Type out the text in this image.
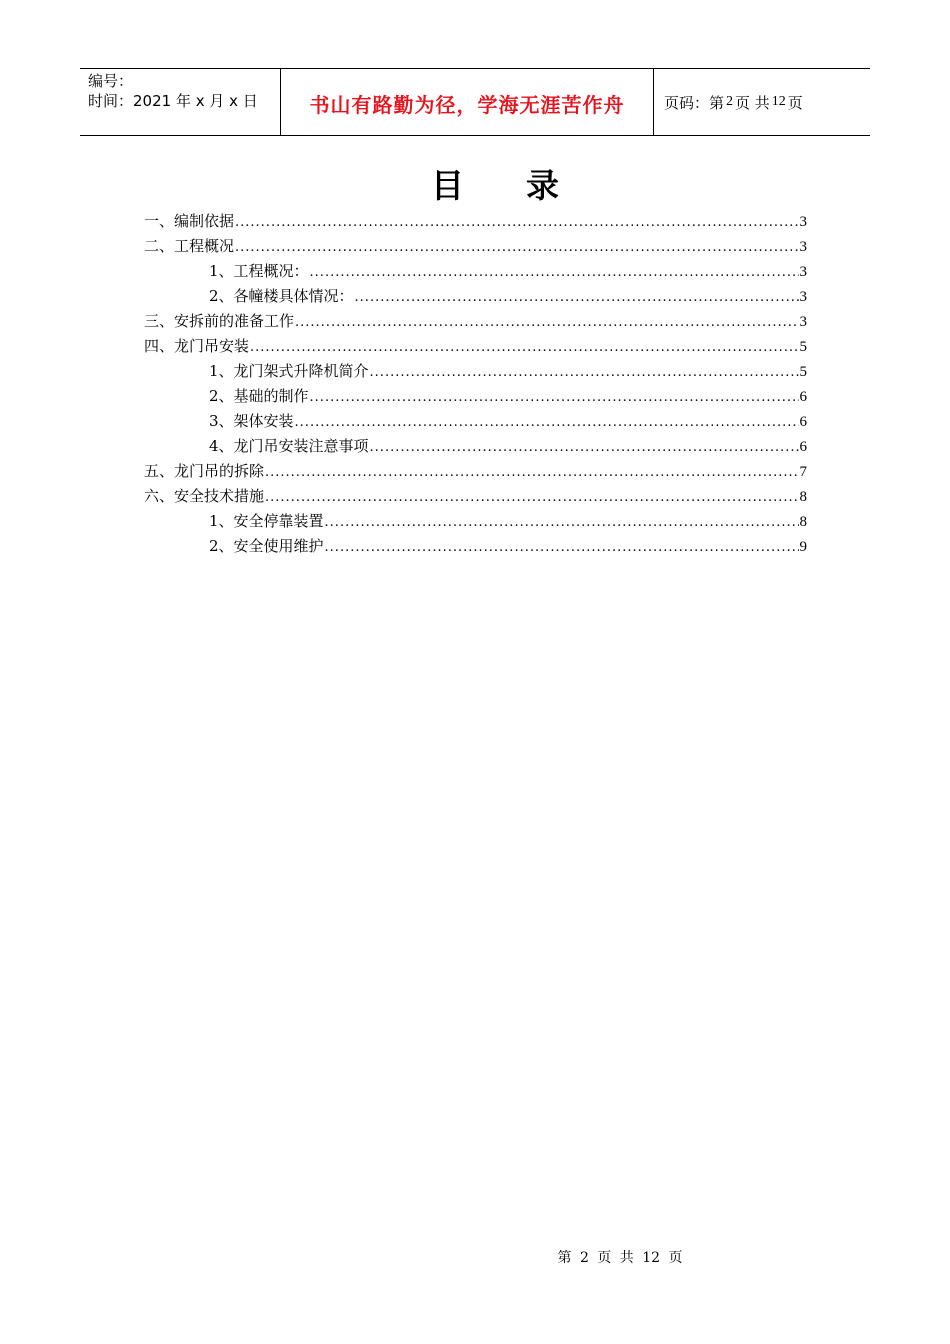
编号：
时间：2021 年 x 月 x 日	书山有路勤为径，学海无涯苦作舟	页码：第 2 页 共 12 页
目 录
一、编制依据 .....	3
二、工程概况 .....	3
1、工程概况： .....	3
2、各幢楼具体情况： .....	3
三、安拆前的准备工作 .....	3
四、龙门吊安装 .....	5
1、龙门架式升降机简介 .....	5
2、基础的制作 .....	6
3、架体安装 .....	6
4、龙门吊安装注意事项 .....	6
五、龙门吊的拆除 .....	7
六、安全技术措施 .....	8
1、安全停靠装置 .....	8
2、安全使用维护 .....	9
第 2 页 共 12 页
